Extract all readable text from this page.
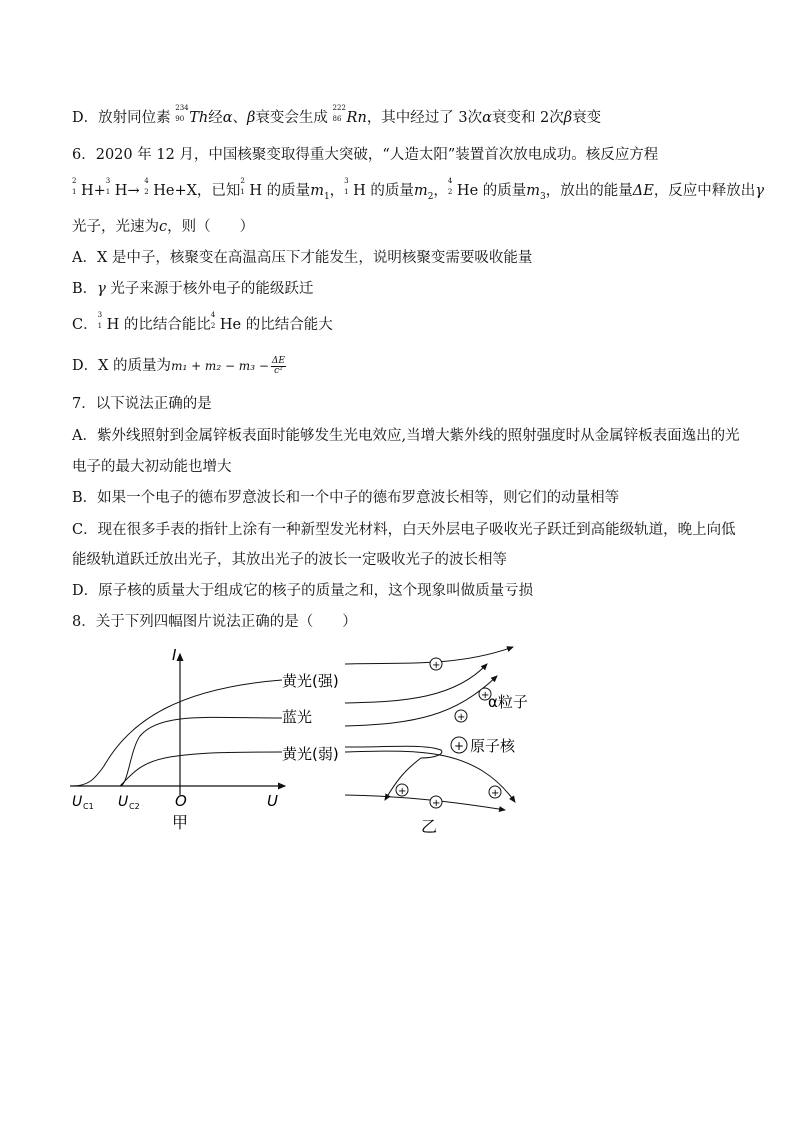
D．放射同位素
234
90 Th经α、β衰变会生成
222
86 Rn，其中经过了 3次α衰变和 2次β衰变
6．2020 年 12 月，中国核聚变取得重大突破，“人造太阳”装置首次放电成功。核反应方程
2
1 H+
3
1 H→
4
2 He+X，已知
2
1 H 的质量$m_1$，
3
1 H 的质量$m_2$，
4
2 He 的质量$m_3$，放出的能量ΔE，反应中释放出γ
光子，光速为c，则（　　）
A．X 是中子，核聚变在高温高压下才能发生，说明核聚变需要吸收能量
B．γ 光子来源于核外电子的能级跃迁
C．
3
1 H 的比结合能比
4
2 He 的比结合能大
D．X 的质量为$m_1 + m_2 - m_3 - \frac{\Delta E}{\text{c²}}$
7．以下说法正确的是
A．紫外线照射到金属锌板表面时能够发生光电效应,当增大紫外线的照射强度时从金属锌板表面逸出的光
电子的最大初动能也增大
B．如果一个电子的德布罗意波长和一个中子的德布罗意波长相等，则它们的动量相等
C．现在很多手表的指针上涂有一种新型发光材料，白天外层电子吸收光子跃迁到高能级轨道，晚上向低
能级轨道跃迁放出光子，其放出光子的波长一定吸收光子的波长相等
D．原子核的质量大于组成它的核子的质量之和，这个现象叫做质量亏损
8．关于下列四幅图片说法正确的是（　　）
I
U
O
U C1 U C2
黄光(强)
蓝光
黄光(弱)
甲
+
+
+
+
+
+
+ 原子核
α粒子
乙
